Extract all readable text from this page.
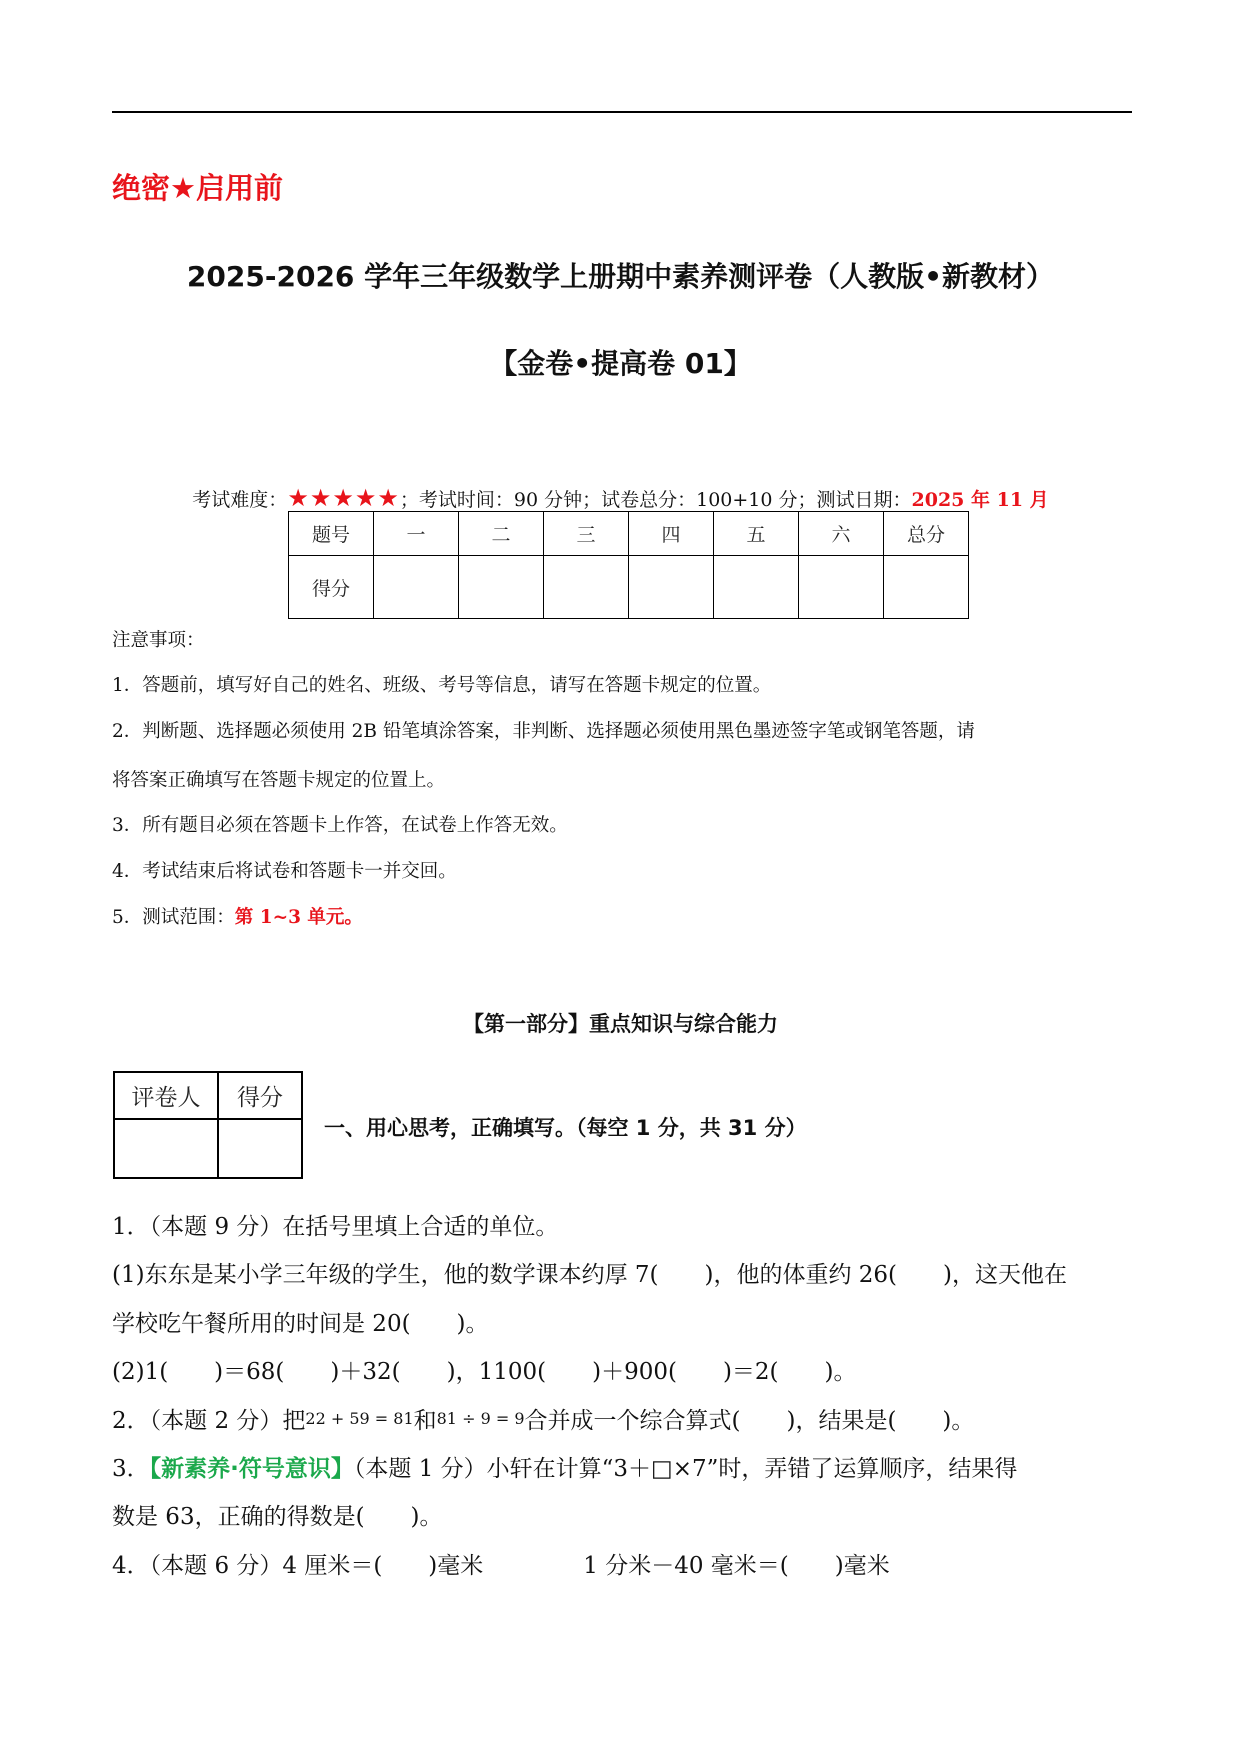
绝密★启用前
2025-2026 学年三年级数学上册期中素养测评卷（人教版•新教材）
【金卷•提高卷 01】
考试难度：★★★★★；考试时间：90 分钟；试卷总分：100+10 分；测试日期：2025 年 11 月
题号	一	二	三	四	五	六	总分
得分							
注意事项：
1．答题前，填写好自己的姓名、班级、考号等信息，请写在答题卡规定的位置。
2．判断题、选择题必须使用 2B 铅笔填涂答案，非判断、选择题必须使用黑色墨迹签字笔或钢笔答题，请
将答案正确填写在答题卡规定的位置上。
3．所有题目必须在答题卡上作答，在试卷上作答无效。
4．考试结束后将试卷和答题卡一并交回。
5．测试范围：第 1~3 单元。
【第一部分】重点知识与综合能力
评卷人	得分

一、用心思考，正确填写。（每空 1 分，共 31 分）
1．（本题 9 分）在括号里填上合适的单位。
(1)东东是某小学三年级的学生，他的数学课本约厚 7(　　)，他的体重约 26(　　)，这天他在
学校吃午餐所用的时间是 20(　　)。
(2)1(　　)＝68(　　)＋32(　　)，1100(　　)＋900(　　)＝2(　　)。
2．（本题 2 分）把22 + 59 = 81和81 ÷ 9 = 9合并成一个综合算式(　　)，结果是(　　)。
3．【新素养·符号意识】（本题 1 分）小轩在计算“3＋□×7”时，弄错了运算顺序，结果得
数是 63，正确的得数是(　　)。
4．（本题 6 分）4 厘米＝(　　)毫米	1 分米－40 毫米＝(　　)毫米
